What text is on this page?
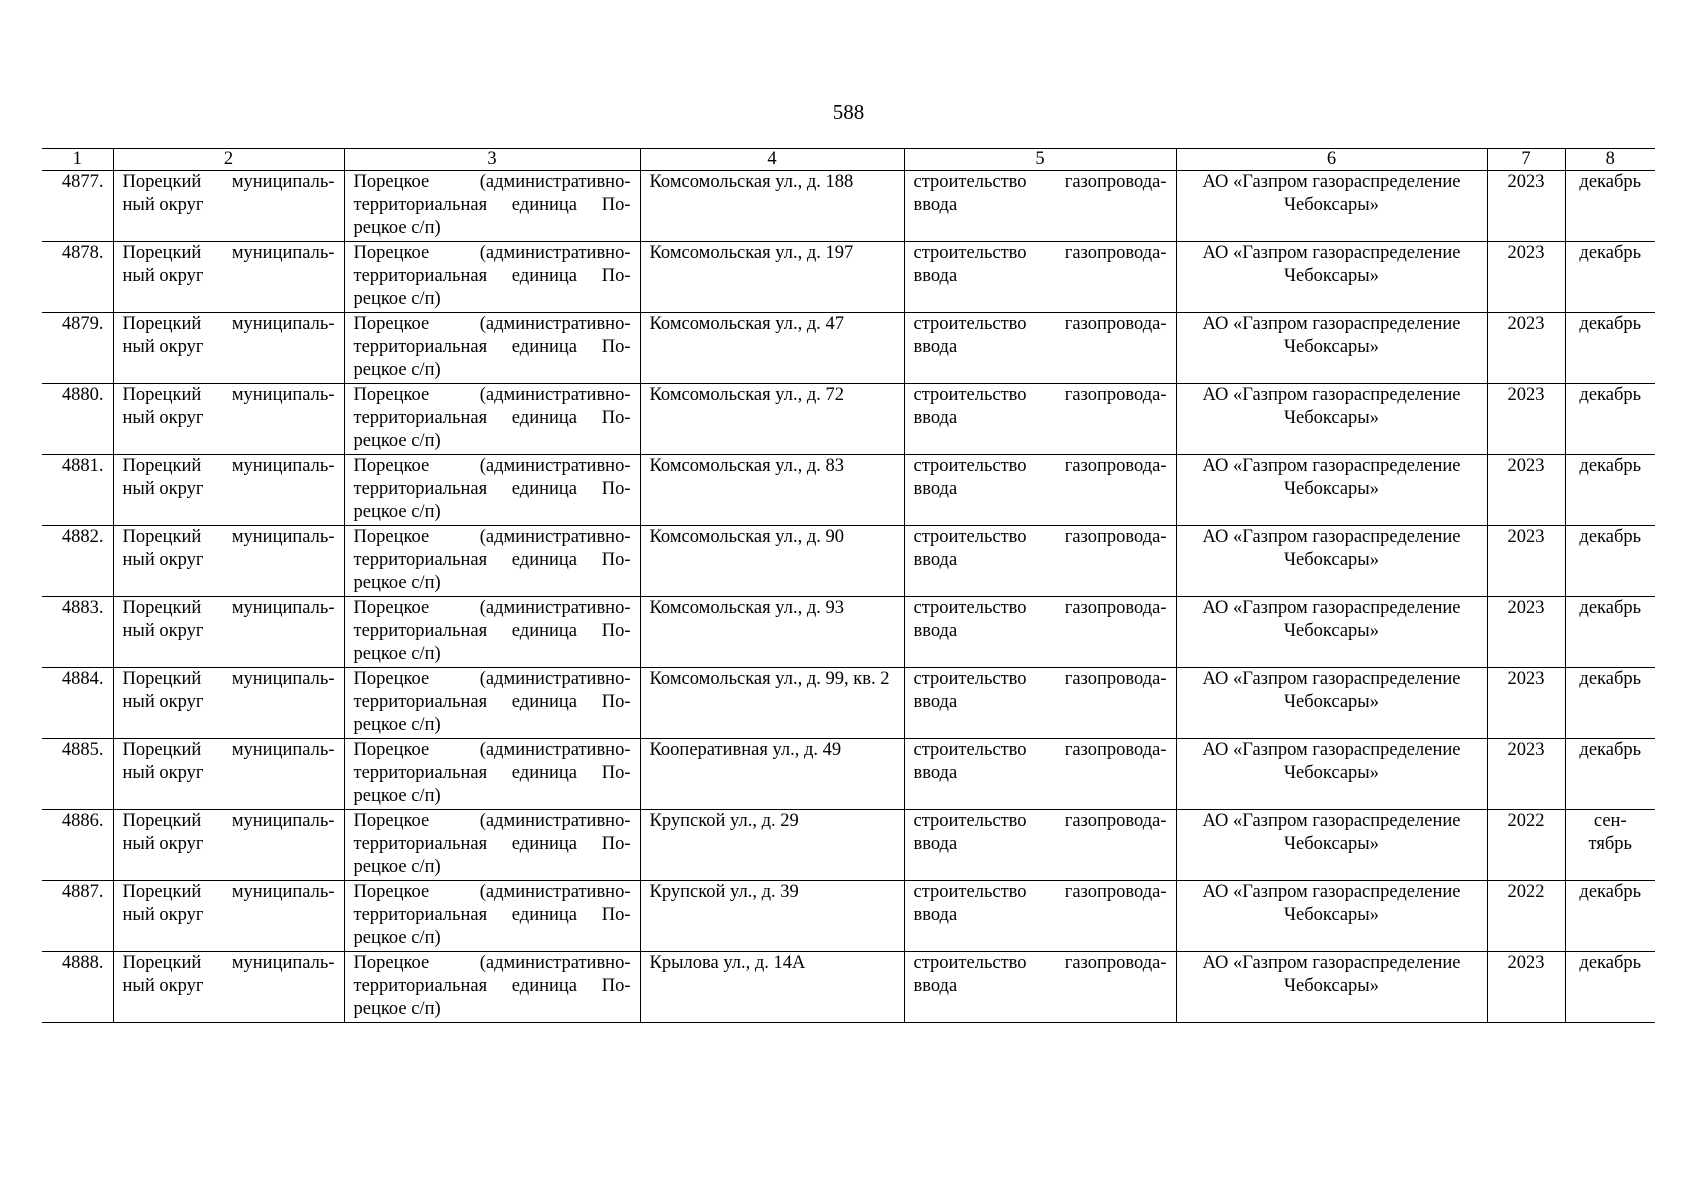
588
1	2	3	4	5	6	7	8
4877.	Порецкий муниципаль-ный округ	Порецкое (административно-территориальная единица По-рецкое с/п)	Комсомольская ул., д. 188	строительство газопровода-ввода	АО «Газпром газораспределение Чебоксары»	2023	декабрь
4878.	Порецкий муниципаль-ный округ	Порецкое (административно-территориальная единица По-рецкое с/п)	Комсомольская ул., д. 197	строительство газопровода-ввода	АО «Газпром газораспределение Чебоксары»	2023	декабрь
4879.	Порецкий муниципаль-ный округ	Порецкое (административно-территориальная единица По-рецкое с/п)	Комсомольская ул., д. 47	строительство газопровода-ввода	АО «Газпром газораспределение Чебоксары»	2023	декабрь
4880.	Порецкий муниципаль-ный округ	Порецкое (административно-территориальная единица По-рецкое с/п)	Комсомольская ул., д. 72	строительство газопровода-ввода	АО «Газпром газораспределение Чебоксары»	2023	декабрь
4881.	Порецкий муниципаль-ный округ	Порецкое (административно-территориальная единица По-рецкое с/п)	Комсомольская ул., д. 83	строительство газопровода-ввода	АО «Газпром газораспределение Чебоксары»	2023	декабрь
4882.	Порецкий муниципаль-ный округ	Порецкое (административно-территориальная единица По-рецкое с/п)	Комсомольская ул., д. 90	строительство газопровода-ввода	АО «Газпром газораспределение Чебоксары»	2023	декабрь
4883.	Порецкий муниципаль-ный округ	Порецкое (административно-территориальная единица По-рецкое с/п)	Комсомольская ул., д. 93	строительство газопровода-ввода	АО «Газпром газораспределение Чебоксары»	2023	декабрь
4884.	Порецкий муниципаль-ный округ	Порецкое (административно-территориальная единица По-рецкое с/п)	Комсомольская ул., д. 99, кв. 2	строительство газопровода-ввода	АО «Газпром газораспределение Чебоксары»	2023	декабрь
4885.	Порецкий муниципаль-ный округ	Порецкое (административно-территориальная единица По-рецкое с/п)	Кооперативная ул., д. 49	строительство газопровода-ввода	АО «Газпром газораспределение Чебоксары»	2023	декабрь
4886.	Порецкий муниципаль-ный округ	Порецкое (административно-территориальная единица По-рецкое с/п)	Крупской ул., д. 29	строительство газопровода-ввода	АО «Газпром газораспределение Чебоксары»	2022	сен-тябрь
4887.	Порецкий муниципаль-ный округ	Порецкое (административно-территориальная единица По-рецкое с/п)	Крупской ул., д. 39	строительство газопровода-ввода	АО «Газпром газораспределение Чебоксары»	2022	декабрь
4888.	Порецкий муниципаль-ный округ	Порецкое (административно-территориальная единица По-рецкое с/п)	Крылова ул., д. 14А	строительство газопровода-ввода	АО «Газпром газораспределение Чебоксары»	2023	декабрь
